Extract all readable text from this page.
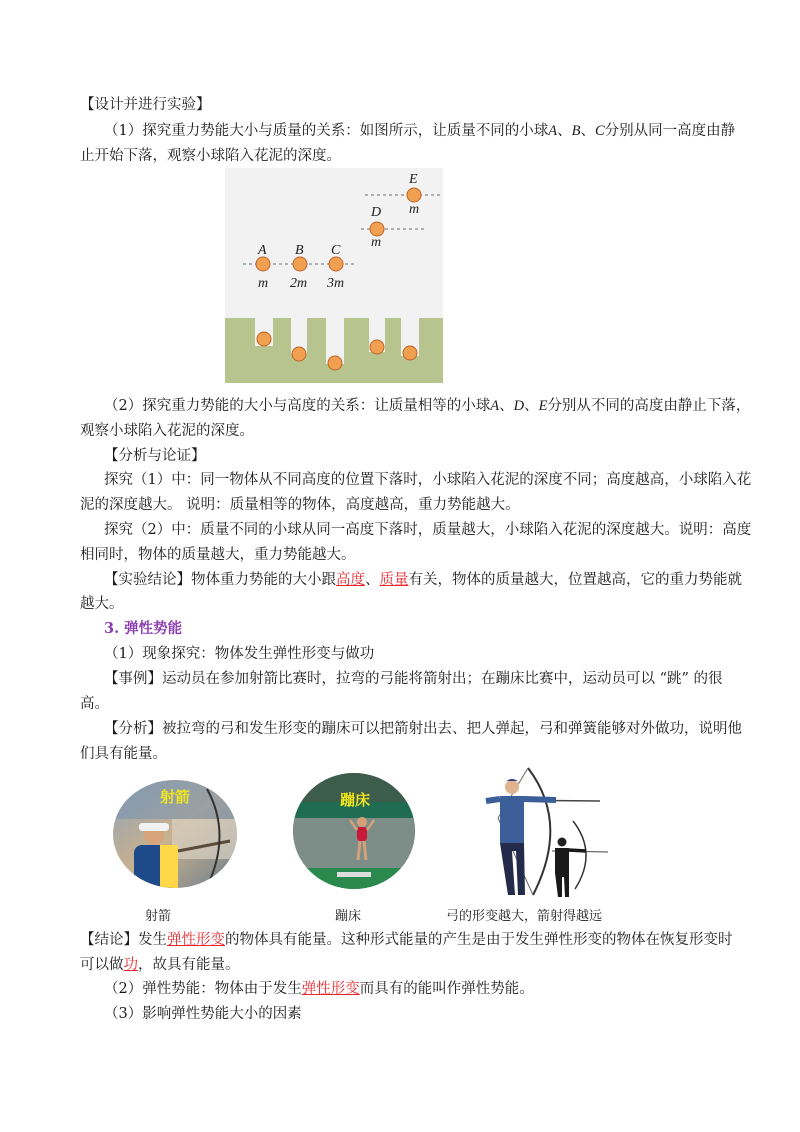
【设计并进行实验】
（1）探究重力势能大小与质量的关系：如图所示，让质量不同的小球A、B、C分别从同一高度由静
止开始下落，观察小球陷入花泥的深度。
A B C
D
E
m 2m 3m
m
m
（2）探究重力势能的大小与高度的关系：让质量相等的小球A、D、E分别从不同的高度由静止下落，
观察小球陷入花泥的深度。
【分析与论证】
探究（1）中：同一物体从不同高度的位置下落时，小球陷入花泥的深度不同；高度越高，小球陷入花
泥的深度越大。 说明：质量相等的物体，高度越高，重力势能越大。
探究（2）中：质量不同的小球从同一高度下落时，质量越大，小球陷入花泥的深度越大。说明：高度
相同时，物体的质量越大，重力势能越大。
【实验结论】物体重力势能的大小跟高度、质量有关，物体的质量越大，位置越高，它的重力势能就
越大。
3. 弹性势能
（1）现象探究：物体发生弹性形变与做功
【事例】运动员在参加射箭比赛时，拉弯的弓能将箭射出；在蹦床比赛中，运动员可以 “跳” 的很
高。
【分析】被拉弯的弓和发生形变的蹦床可以把箭射出去、把人弹起，弓和弹簧能够对外做功，说明他
们具有能量。
射箭	蹦床
射箭	蹦床	弓的形变越大，箭射得越远
【结论】发生弹性形变的物体具有能量。这种形式能量的产生是由于发生弹性形变的物体在恢复形变时
可以做功，故具有能量。
（2）弹性势能：物体由于发生弹性形变而具有的能叫作弹性势能。
（3）影响弹性势能大小的因素
